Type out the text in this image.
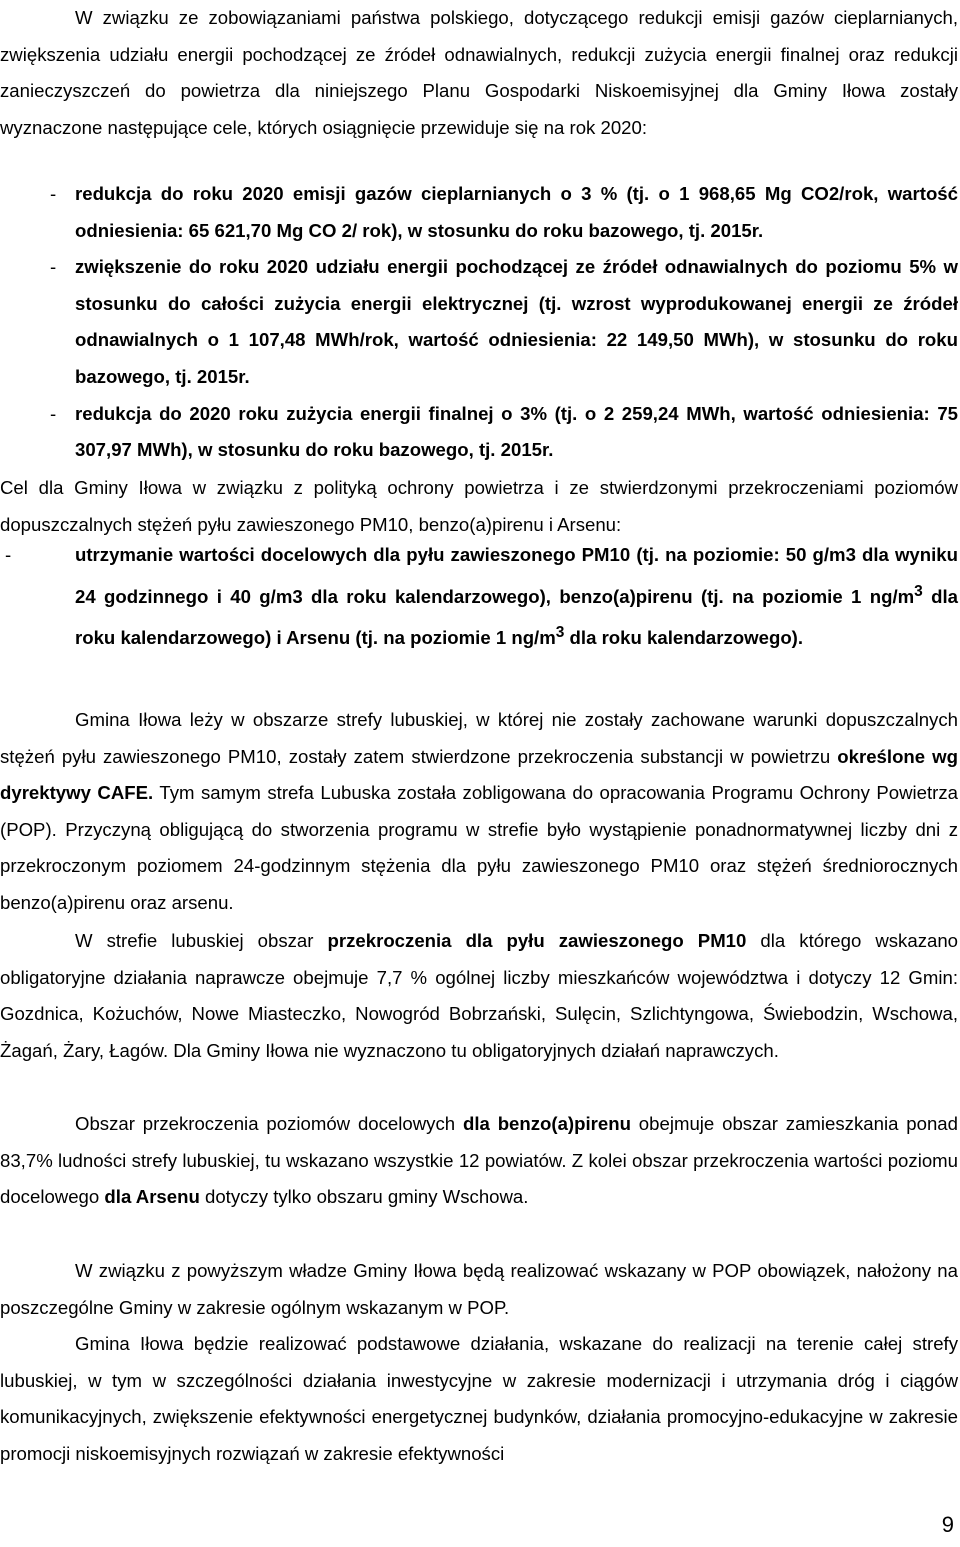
W związku ze zobowiązaniami państwa polskiego, dotyczącego redukcji emisji gazów cieplarnianych, zwiększenia udziału energii pochodzącej ze źródeł odnawialnych, redukcji zużycia energii finalnej oraz redukcji zanieczyszczeń do powietrza dla niniejszego Planu Gospodarki Niskoemisyjnej dla Gminy Iłowa zostały wyznaczone następujące cele, których osiągnięcie przewiduje się na rok 2020:

- redukcja do roku 2020 emisji gazów cieplarnianych o 3 % (tj. o 1 968,65 Mg CO2/rok, wartość odniesienia: 65 621,70 Mg CO 2/ rok), w stosunku do roku bazowego, tj. 2015r.
- zwiększenie do roku 2020 udziału energii pochodzącej ze źródeł odnawialnych do poziomu 5% w stosunku do całości zużycia energii elektrycznej (tj. wzrost wyprodukowanej energii ze źródeł odnawialnych o 1 107,48 MWh/rok, wartość odniesienia: 22 149,50 MWh), w stosunku do roku bazowego, tj. 2015r.
- redukcja do 2020 roku zużycia energii finalnej o 3% (tj. o 2 259,24 MWh, wartość odniesienia: 75 307,97 MWh), w stosunku do roku bazowego, tj. 2015r.

Cel dla Gminy Iłowa w związku z polityką ochrony powietrza i ze stwierdzonymi przekroczeniami poziomów dopuszczalnych stężeń pyłu zawieszonego PM10, benzo(a)pirenu i Arsenu:

-	utrzymanie wartości docelowych dla pyłu zawieszonego PM10 (tj. na poziomie: 50 g/m3 dla wyniku 24 godzinnego i 40 g/m3 dla roku kalendarzowego), benzo(a)pirenu (tj. na poziomie 1 $ng/m^3$ dla roku kalendarzowego) i Arsenu (tj. na poziomie 1 $ng/m^3$ dla roku kalendarzowego).

Gmina Iłowa leży w obszarze strefy lubuskiej, w której nie zostały zachowane warunki dopuszczalnych stężeń pyłu zawieszonego PM10, zostały zatem stwierdzone przekroczenia substancji w powietrzu określone wg dyrektywy CAFE. Tym samym strefa Lubuska została zobligowana do opracowania Programu Ochrony Powietrza (POP). Przyczyną obligującą do stworzenia programu w strefie było wystąpienie ponadnormatywnej liczby dni z przekroczonym poziomem 24-godzinnym stężenia dla pyłu zawieszonego PM10 oraz stężeń średniorocznych benzo(a)pirenu oraz arsenu.

W strefie lubuskiej obszar przekroczenia dla pyłu zawieszonego PM10 dla którego wskazano obligatoryjne działania naprawcze obejmuje 7,7 % ogólnej liczby mieszkańców województwa i dotyczy 12 Gmin: Gozdnica, Kożuchów, Nowe Miasteczko, Nowogród Bobrzański, Sulęcin, Szlichtyngowa, Świebodzin, Wschowa, Żagań, Żary, Łagów. Dla Gminy Iłowa nie wyznaczono tu obligatoryjnych działań naprawczych.

Obszar przekroczenia poziomów docelowych dla benzo(a)pirenu obejmuje obszar zamieszkania ponad 83,7% ludności strefy lubuskiej, tu wskazano wszystkie 12 powiatów. Z kolei obszar przekroczenia wartości poziomu docelowego dla Arsenu dotyczy tylko obszaru gminy Wschowa.

W związku z powyższym władze Gminy Iłowa będą realizować wskazany w POP obowiązek, nałożony na poszczególne Gminy w zakresie ogólnym wskazanym w POP.

Gmina Iłowa będzie realizować podstawowe działania, wskazane do realizacji na terenie całej strefy lubuskiej, w tym w szczególności działania inwestycyjne w zakresie modernizacji i utrzymania dróg i ciągów komunikacyjnych, zwiększenie efektywności energetycznej budynków, działania promocyjno-edukacyjne w zakresie promocji niskoemisyjnych rozwiązań w zakresie efektywności

9
